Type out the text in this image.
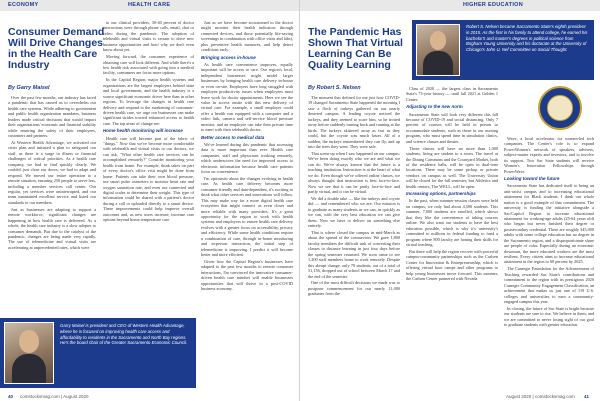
ECONOMY	HEALTH CARE
Consumer Demand Will Drive Changes in the Health Care Industry
By Garry Maisel

Over the past few months, our industry has faced a pandemic that has caused us to overwhelm our health care systems. While adhering to government and public health organization mandates, business leaders made critical decisions that would impact their organizations' economic and financial stability while ensuring the safety of their employees, customers and partners.

At Western Health Advantage, we activated our crisis plan and initiated a plan to safeguard our staff, as there is a surge in illness or financial challenges of critical priorities. As a health care company, we had to find quickly clearly. We couldn't just close our doors; we had to adapt and respond. We moved our entire operation to a remote situation, ensuring 250 people to serve less, including a member services call center. Our regular, yet services were uninterrupted, and our team maintained excellent service and listed our standards to our members.

Just as businesses are adapting to support a remote workforce, significant changes are happening in how health care is delivered. As a whole, the health care industry is a slow adopter to consumer demands. But due to the catalyst of the pandemic, changes are being made very rapidly. The use of telemedicine and virtual visits are accelerating at unprecedented rates, which were

to our clinical providers, 30-40 percent of doctor interactions were through phone calls, email, chat or video during the pandemic. The adoption of telehealth and virtual visits is certain to drive new business opportunities and how/ why we don't even know about yet.

Moving forward, the consumer experience of obtaining care will look different. And while there's a low health risk associated with going into a medical facility, consumers are focus more options.

In the Capital Region, major health systems and organizations are the largest employers behind state and local government, and the health industry is a source significant economic driver here than in other regions. To leverage the changes in health care delivery and respond to the awakening of consumer-driven health care, we urge our businesses can make significant strides toward enhanced access to health care. The top areas of change are:

Home health monitoring will increase

Health care will become part of the fabric of "things." Now that we've become more comfortable with telehealth and virtual visits to our doctors, we can ask, "What other health care services can be accomplished remotely?" Consider monitoring your health from home. For example, think takes on part of every doctor's office visit might be done from home. Patients can take their own blood pressure, use smart pulse oximeters to monitor heart rate and oxygen saturation rate, and even use connected and digital scales to determine their weight. This type of information could be shared with a patient's doctor during a call or uploaded directly to a smart device. These improvements could help improve overall outcomes and, as new users increase, increase care options beyond home temperature care.

Just as we have become accustomed to the doctor might monitor their health indicators through connected devices, and those potentially life-saving screenings in combination with office visits and labs), plus preventive health measures, and help detect conditions early.

Bringing access in-house

As health care convenience improves, equally important will be access to care. Our region's local, independent businesses might model larger businesses by bringing health care delivery in-house or even on-site. Employers have long struggled with employee productivity issues when employees must leave work for doctor appointments. Here we see the value in access onsite with this new delivery of virtual care. For example, a small employer could offer a health van equipped with a computer and a video link, camera and self-service blood pressure monitor, and an employee can take their private time to meet with their telehealth doctor.

Better access to medical data

We've learned during this pandemic that accessing data is more important than ever. Health care companies, staff and physicians working remotely, which underscores the need for improved access to electronic information because health care patients focus on convenience.

I'm optimistic about the changes evolving in health care. As health care delivery becomes more consumer-friendly and data-dependent, it's exciting to think what other services and innovations will follow. This may make way for a more digital health care ecosystem that might connect us even closer and more reliable with many providers. It's a great opportunity for the region to work with health systems and employers to ensure health care delivery evolves with a greater focus on accessibility, privacy and efficiency. While some health conditions require a combination of care, through in-home monitoring and in-person interaction, the initial step of telemedicine is improving. I predict it will become better and more efficient.

Given how the Capital Region's businesses have adapted to the past few months to remote consumer interactions, I'm convinced the innovative consumer-driven health care mindset will enable businesses opportunities that will thrive in a post-COVID business economy.

Garry Maisel is president and CEO of Western Health Advantage, where he is focused on improving health care access and affordability to residents in the Sacramento and North Bay regions. He's the board chair of the Greater Sacramento Economic Council.
40 comstocksmag.com | August 2020
HIGHER EDUCATION
The Pandemic Has Shown That Virtual Learning Can Be Quality Learning
By Robert S. Nelsen
Robert S. Nelsen became Sacramento State's eighth president in 2015. As the first in his family to attend college, he earned his bachelor's and master's degrees in political science from Brigham Young University and his doctorate at the University of Chicago's John U. Nef Committee on Social Thought.

The moment that defined for me just how COVID-19 changed Sacramento State happened the morning I saw a flock of turkeys gathered on our nearly deserted campus. A leading coyote noticed the turkeys, and they seemed to scare him, so he trotted away before suddenly turning back and running at the birds. The turkeys skittered away as fast as they could, but the coyote was much faster. All of a sudden, the turkeys remembered they can fly, and up into the trees they went. They were safe.

That scene up when I saw happened on our campus: We've been doing exactly who we are and what we can do. We've always known that the future is a teaching institution. Instruction is at the heart of what we do. Even though we've offered online classes, we always thought that instruction is best face-to-face. Now we see that it can be partly face-to-face and partly virtual, and it can be virtual.

We did a double take — like the turkeys and coyote did — and remembered who we are. Our mission is to graduate as many students as we can, as quickly as we can, with the very best education we can give them. Now we have to deliver on something else entirely.

That is where closed the campus in mid-March as about the spread of the coronavirus. We gave 1,800 faculty members the difficult task of converting their classes to distance learning in just four days before the spring semester resumed. We soon came to see 1,200 staff members home to work remotely. Despite this abrupt change, only 79 students, out of a total of 31,156, dropped out of school between March 17 and the end of the semester.

One of the most difficult decisions we made was to postpone commencement for our nearly 11,000 graduates from the

Class of 2020 — the largest class in Sacramento State's 73-year history — until fall 2021 at Golden 1 Center.

Adjusting to the new norm

Sacramento State will look very different this fall because of COVID-19 and social distancing. Only 7 percent of courses will be held in person to accommodate students, such as those in our nursing program, who must spend time in simulation clinics, and science classes and theater.

Those classes will have no more than 1,000 students, living are student to a room. The travel at the Dining Commons and the Courtyard Market, both of the residence halls, will be open in dual-tone locations. There may be some pickup or private vendors on campus as well. The University Union will be closed for the fall semester, but Athletics and health centers, The WELL, will be open.

Increasing options, partnerships

In the past, when summer-session classes were held on campus, we only had about 4,500 students. This summer, 7,000 students are enrolled, which shows that they like the convenience of taking courses online. We also want our students to have the best education possible, which is why it's university's committed to millions in federal funding to fund a program where 800 faculty are honing their skills for virtual teaching.

But there will help the region recover with powerful campus-community partnerships such as the Carlsen Center for Innovation & Entrepreneurship, which is offering virtual boot camps and other programs to help young businesses move forward. This summer, the Carlsen Center partnered with Nevada

Wave, a local accelerator for women-led tech companies. The Center's role is to expand PowerWomen's network of speakers, advisers, subject-matter experts and investors, and to involve its support. Two Sac State students will receive Women's Innovation Fellowships through PowerWave.

Looking toward the future

Sacramento State has dedicated itself to being an anti-racist campus and to increasing educational attainment for Black students. I think our whole nation is a good example of that commitment. The university is funding the initiative alongside a Sac/Capitol Region to increase educational attainment for working-age adults (25-64 years old) who began but never finished their degree or postsecondary credential. There are roughly 345,000 adults with some college education but no degree in the Sacramento region, and a disproportionate share are people of color. Especially during an economic downturn, the more educated workers are the most resilient. Every citizen aims to increase educational attainment in the region to 60 percent by 2025.

The Carnegie Foundation for the Advancement of Teaching rewarded Sac State's contributions and commitment to the region with its prestigious 2020 Carnegie Community Engagement Classification, an achievement that makes us just one of 119 U.S. colleges and universities to earn a community-engaged campus this year.

In closing, the future of Sac State is bright because our students are sure to rise. We believe in them, and we are committed to never losing sight of our goal to graduate students with greater education.

August 2020 | comstocksmag.com 41
